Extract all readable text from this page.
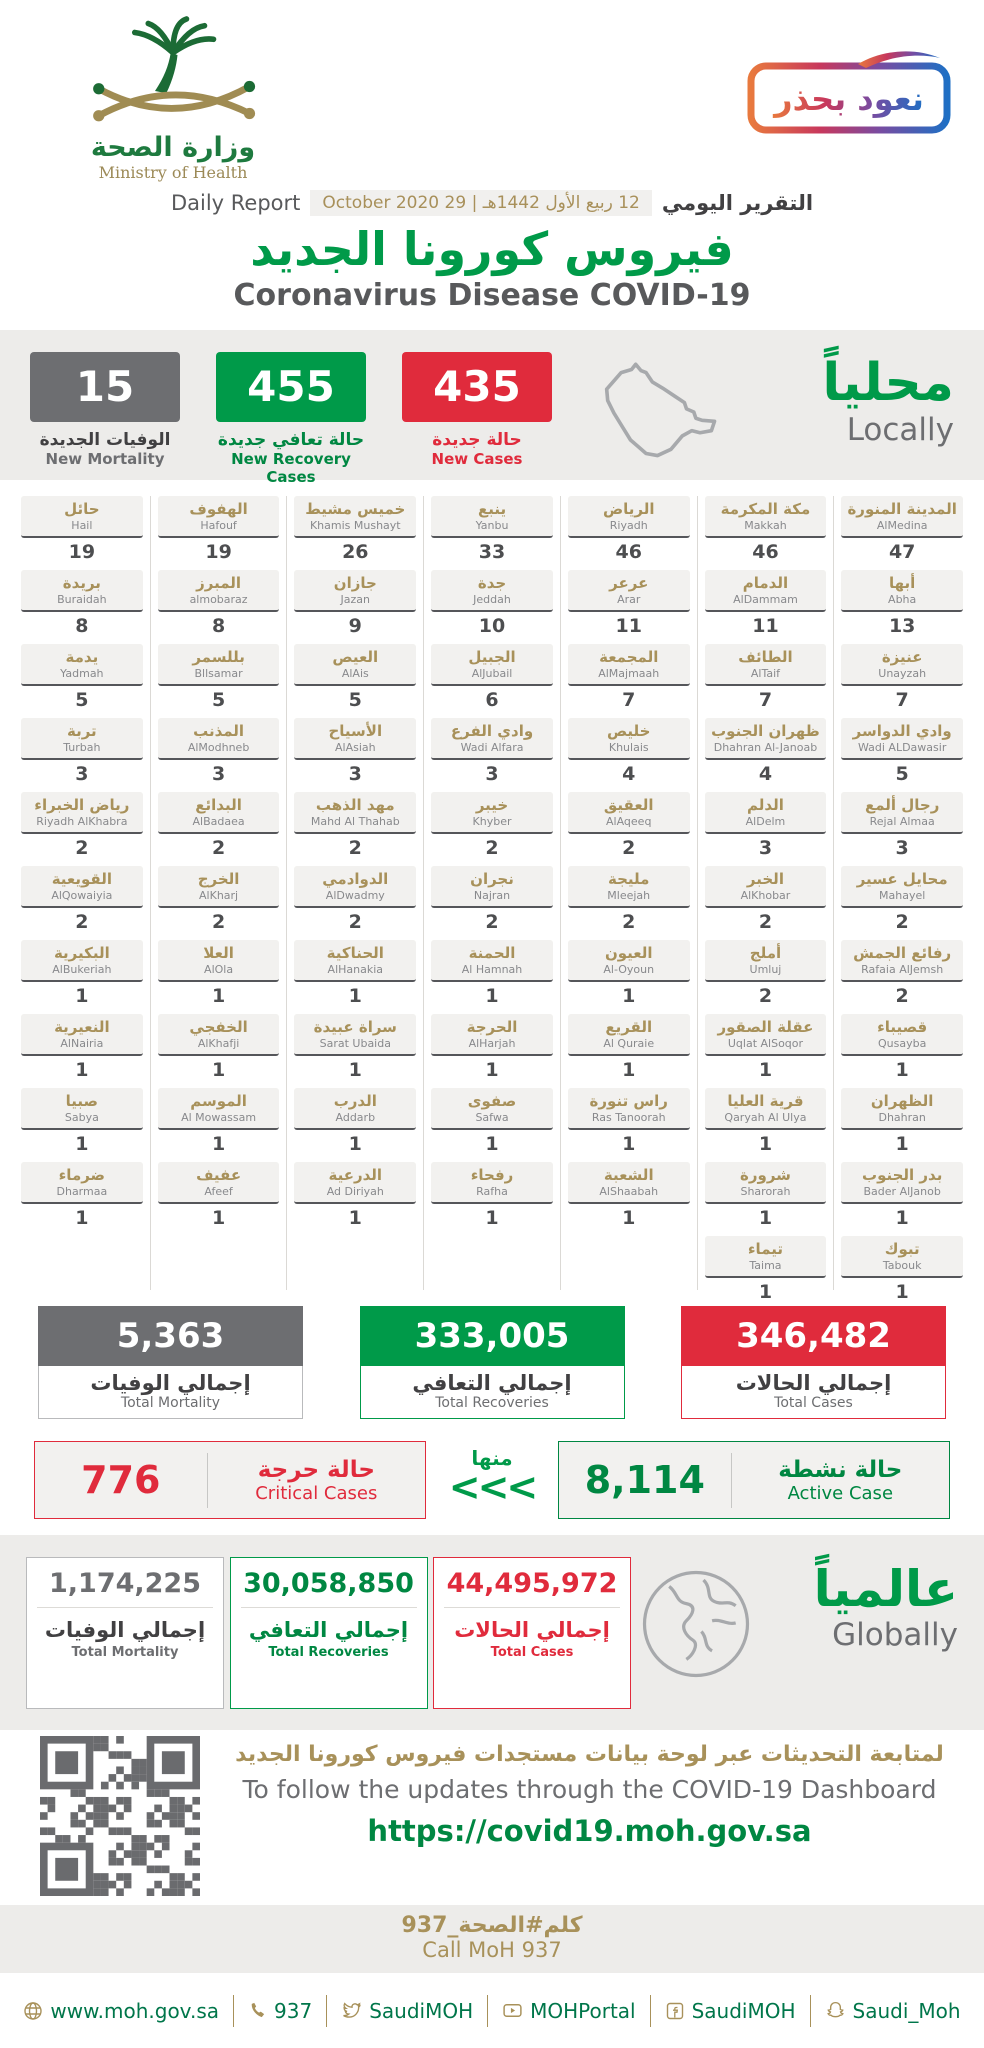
وزارة الصحة
Ministry of Health
نعود بحذر
التقرير اليومي
12 ربيع الأول 1442هـ | 29 October 2020
Daily Report
فيروس كورونا الجديد
Coronavirus Disease COVID-19
15
الوفيات الجديدة
New Mortality
455
حالة تعافي جديدة
New Recovery Cases
435
حالة جديدة
New Cases
محلياً
Locally
حائل
Hail
19
بريدة
Buraidah
8
يدمة
Yadmah
5
تربة
Turbah
3
رياض الخبراء
Riyadh AlKhabra
2
القويعية
AlQowaiyia
2
البكيرية
AlBukeriah
1
النعيرية
AlNairia
1
صبيا
Sabya
1
ضرماء
Dharmaa
1
الهفوف
Hafouf
19
المبرز
almobaraz
8
بللسمر
Bllsamar
5
المذنب
AlModhneb
3
البدائع
AlBadaea
2
الخرج
AlKharj
2
العلا
AlOla
1
الخفجي
AlKhafji
1
الموسم
Al Mowassam
1
عفيف
Afeef
1
خميس مشيط
Khamis Mushayt
26
جازان
Jazan
9
العيص
AlAis
5
الأسياح
AlAsiah
3
مهد الذهب
Mahd Al Thahab
2
الدوادمي
AlDwadmy
2
الحناكية
AlHanakia
1
سراة عبيدة
Sarat Ubaida
1
الدرب
Addarb
1
الدرعية
Ad Diriyah
1
ينبع
Yanbu
33
جدة
Jeddah
10
الجبيل
AlJubail
6
وادي الفرع
Wadi Alfara
3
خيبر
Khyber
2
نجران
Najran
2
الحمنة
Al Hamnah
1
الحرجة
AlHarjah
1
صفوى
Safwa
1
رفحاء
Rafha
1
الرياض
Riyadh
46
عرعر
Arar
11
المجمعة
AlMajmaah
7
خليص
Khulais
4
العقيق
AlAqeeq
2
مليجة
Mleejah
2
العيون
Al-Oyoun
1
القريع
Al Quraie
1
راس تنورة
Ras Tanoorah
1
الشعبة
AlShaabah
1
مكة المكرمة
Makkah
46
الدمام
AlDammam
11
الطائف
AlTaif
7
ظهران الجنوب
Dhahran Al-Janoab
4
الدلم
AlDelm
3
الخبر
AlKhobar
2
أملج
Umluj
2
عقلة الصقور
Uqlat AlSoqor
1
قرية العليا
Qaryah Al Ulya
1
شرورة
Sharorah
1
تيماء
Taima
1
المدينة المنورة
AlMedina
47
أبها
Abha
13
عنيزة
Unayzah
7
وادي الدواسر
Wadi ALDawasir
5
رجال ألمع
Rejal Almaa
3
محايل عسير
Mahayel
2
رفائع الجمش
Rafaia AlJemsh
2
قصيباء
Qusayba
1
الظهران
Dhahran
1
بدر الجنوب
Bader AlJanob
1
تبوك
Tabouk
1
5,363
إجمالي الوفيات
Total Mortality
333,005
إجمالي التعافي
Total Recoveries
346,482
إجمالي الحالات
Total Cases
776	حالة حرجة
Critical Cases
منها
<<<	8,114	حالة نشطة
Active Case
1,174,225
إجمالي الوفيات
Total Mortality
30,058,850
إجمالي التعافي
Total Recoveries
44,495,972
إجمالي الحالات
Total Cases
عالمياً
Globally
لمتابعة التحديثات عبر لوحة بيانات مستجدات فيروس كورونا الجديد
To follow the updates through the COVID-19 Dashboard
https://covid19.moh.gov.sa
كلم#الصحة_937
Call MoH 937
www.moh.gov.sa	937	SaudiMOH	MOHPortal	SaudiMOH	Saudi_Moh
